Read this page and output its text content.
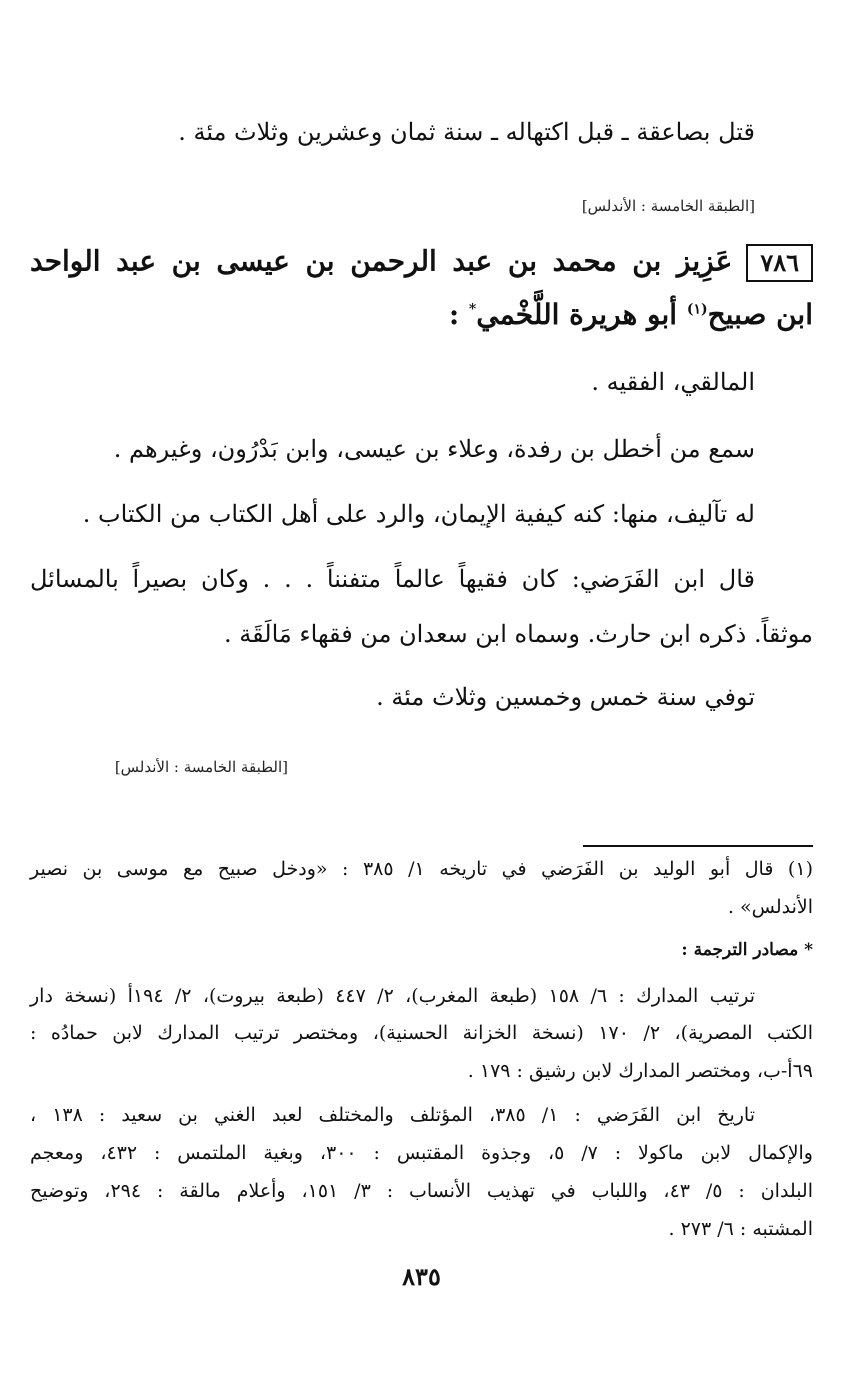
قتل بصاعقة ـ قبل اكتهاله ـ سنة ثمان وعشرين وثلاث مئة .
[الطبقة الخامسة : الأندلس]
٧٨٦عَزِيز بن محمد بن عبد الرحمن بن عيسى بن عبد الواحد
ابن صبيح$^{(١)}$ أبو هريرة اللَّخْمي* :
المالقي، الفقيه .
سمع من أخطل بن رفدة، وعلاء بن عيسى، وابن بَدْرُون، وغيرهم .
له تآليف، منها: كنه كيفية الإيمان، والرد على أهل الكتاب من الكتاب .
قال ابن الفَرَضي: كان فقيهاً عالماً متفنناً . . . وكان بصيراً بالمسائل
موثقاً. ذكره ابن حارث. وسماه ابن سعدان من فقهاء مَالَقَة .
توفي سنة خمس وخمسين وثلاث مئة .
[الطبقة الخامسة : الأندلس]
(١) قال أبو الوليد بن الفَرَضي في تاريخه ١/ ٣٨٥ : «ودخل صبيح مع موسى بن نصير
الأندلس» .
* مصادر الترجمة :
ترتيب المدارك : ٦/ ١٥٨ (طبعة المغرب)، ٢/ ٤٤٧ (طبعة بيروت)، ٢/ ١٩٤أ (نسخة دار
الكتب المصرية)، ٢/ ١٧٠ (نسخة الخزانة الحسنية)، ومختصر ترتيب المدارك لابن حمادُه :
٦٩أ-ب، ومختصر المدارك لابن رشيق : ١٧٩ .
تاريخ ابن الفَرَضي : ١/ ٣٨٥، المؤتلف والمختلف لعبد الغني بن سعيد : ١٣٨ ،
والإكمال لابن ماكولا : ٧/ ٥، وجذوة المقتبس : ٣٠٠، وبغية الملتمس : ٤٣٢، ومعجم
البلدان : ٥/ ٤٣، واللباب في تهذيب الأنساب : ٣/ ١٥١، وأعلام مالقة : ٢٩٤، وتوضيح
المشتبه : ٦/ ٢٧٣ .
٨٣٥
